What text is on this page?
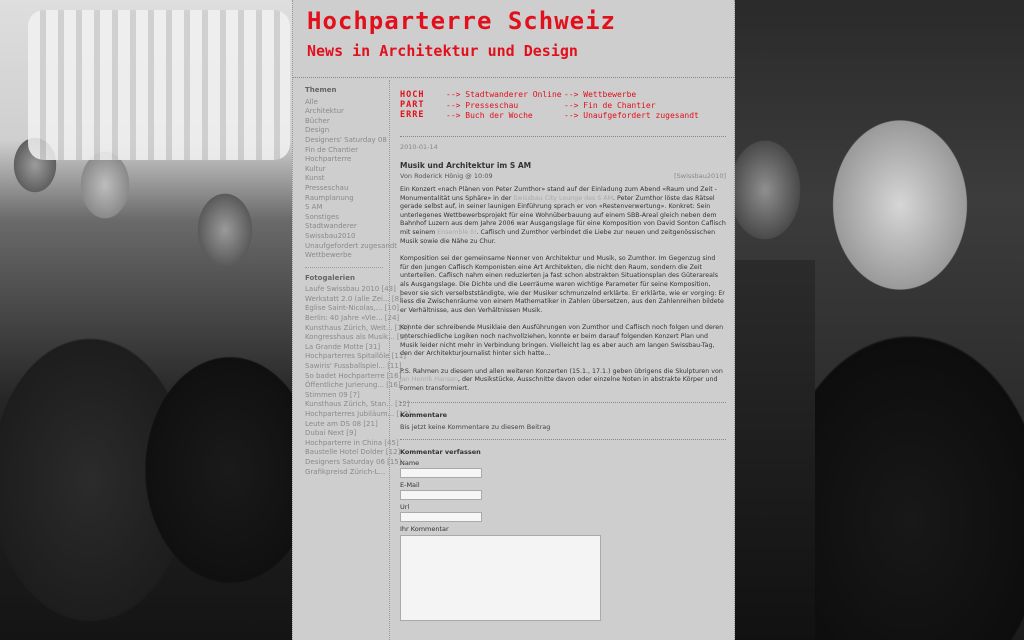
Hochparterre Schweiz
News in Architektur und Design
Themen
Alle
Architektur
Bücher
Design
Designers' Saturday 08
Fin de Chantier
Hochparterre
Kultur
Kunst
Presseschau
Raumplanung
S AM
Sonstiges
Stadtwanderer
Swissbau2010
Unaufgefordert zugesandt
Wettbewerbe
Fotogalerien
Laufe Swissbau 2010 [43]
Werkstatt 2.0 (alle Zei... [8]
Eglise Saint-Nicolas,... [10]
Berlin: 40 Jahre «Vie... [24]
Kunsthaus Zürich, Weit... [14]
Kongresshaus als Musik... [5]
La Grande Motte [31]
Hochparterres Spitallöle [11]
Sawiris' Fussballspiel... [11]
So badet Hochparterre [16]
Öffentliche Jurierung... [16]
Stimmen 09 [7]
Kunsthaus Zürich, Stan... [12]
Hochparterres Jubiläum... [12]
Leute am DS 08 [21]
Dubai Next [9]
Hochparterre in China [45]
Baustelle Hotel Dolder [12]
Designers Saturday 06 [15]
Grafikpreisd Zürich-L...
HOCH
PART
ERRE
--> Stadtwanderer Online
--> Presseschau
--> Buch der Woche
--> Wettbewerbe
--> Fin de Chantier
--> Unaufgefordert zugesandt
2010-01-14
Musik und Architektur im S AM
Von Roderick Hönig @ 10:09	[Swissbau2010]

Ein Konzert «nach Plänen von Peter Zumthor» stand auf der Einladung zum Abend «Raum und Zeit - Monumentalität uns Sphäre» in der Swissbau City Lounge des S AM. Peter Zumthor löste das Rätsel gerade selbst auf, in seiner launigen Einführung sprach er von «Restenverwertung». Konkret: Sein unterlegenes Wettbewerbsprojekt für eine Wohnüberbauung auf einem SBB-Areal gleich neben dem Bahnhof Luzern aus dem Jahre 2006 war Ausgangslage für eine Komposition von David Sonton Caflisch mit seinem Ensemble ö!. Caflisch und Zumthor verbindet die Liebe zur neuen und zeitgenössischen Musik sowie die Nähe zu Chur.

Komposition sei der gemeinsame Nenner von Architektur und Musik, so Zumthor. Im Gegenzug sind für den jungen Caflisch Komponisten eine Art Architekten, die nicht den Raum, sondern die Zeit unterteilen. Caflisch nahm einen reduzierten ja fast schon abstrakten Situationsplan des Güterareals als Ausgangslage. Die Dichte und die Leerräume waren wichtige Parameter für seine Komposition, bevor sie sich verselbstständigte, wie der Musiker schmunzelnd erklärte. Er erklärte, wie er vorging: Er liess die Zwischenräume von einem Mathematiker in Zahlen übersetzen, aus den Zahlenreihen bildete er Verhältnisse, aus den Verhältnissen Musik.

Konnte der schreibende Musiklaie den Ausführungen von Zumthor und Caflisch noch folgen und deren unterschiedliche Logiken noch nachvollziehen, konnte er beim darauf folgenden Konzert Plan und Musik leider nicht mehr in Verbindung bringen. Vielleicht lag es aber auch am langen Swissbau-Tag, den der Architekturjournalist hinter sich hatte...

P.S. Rahmen zu diesem und allen weiteren Konzerten (15.1., 17.1.) geben übrigens die Skulpturen von Jan Henrik Hansen, der Musikstücke, Ausschnitte davon oder einzelne Noten in abstrakte Körper und Formen transformiert.

Kommentare
Bis jetzt keine Kommentare zu diesem Beitrag
Kommentar verfassen
Name
E-Mail
Url
Ihr Kommentar
